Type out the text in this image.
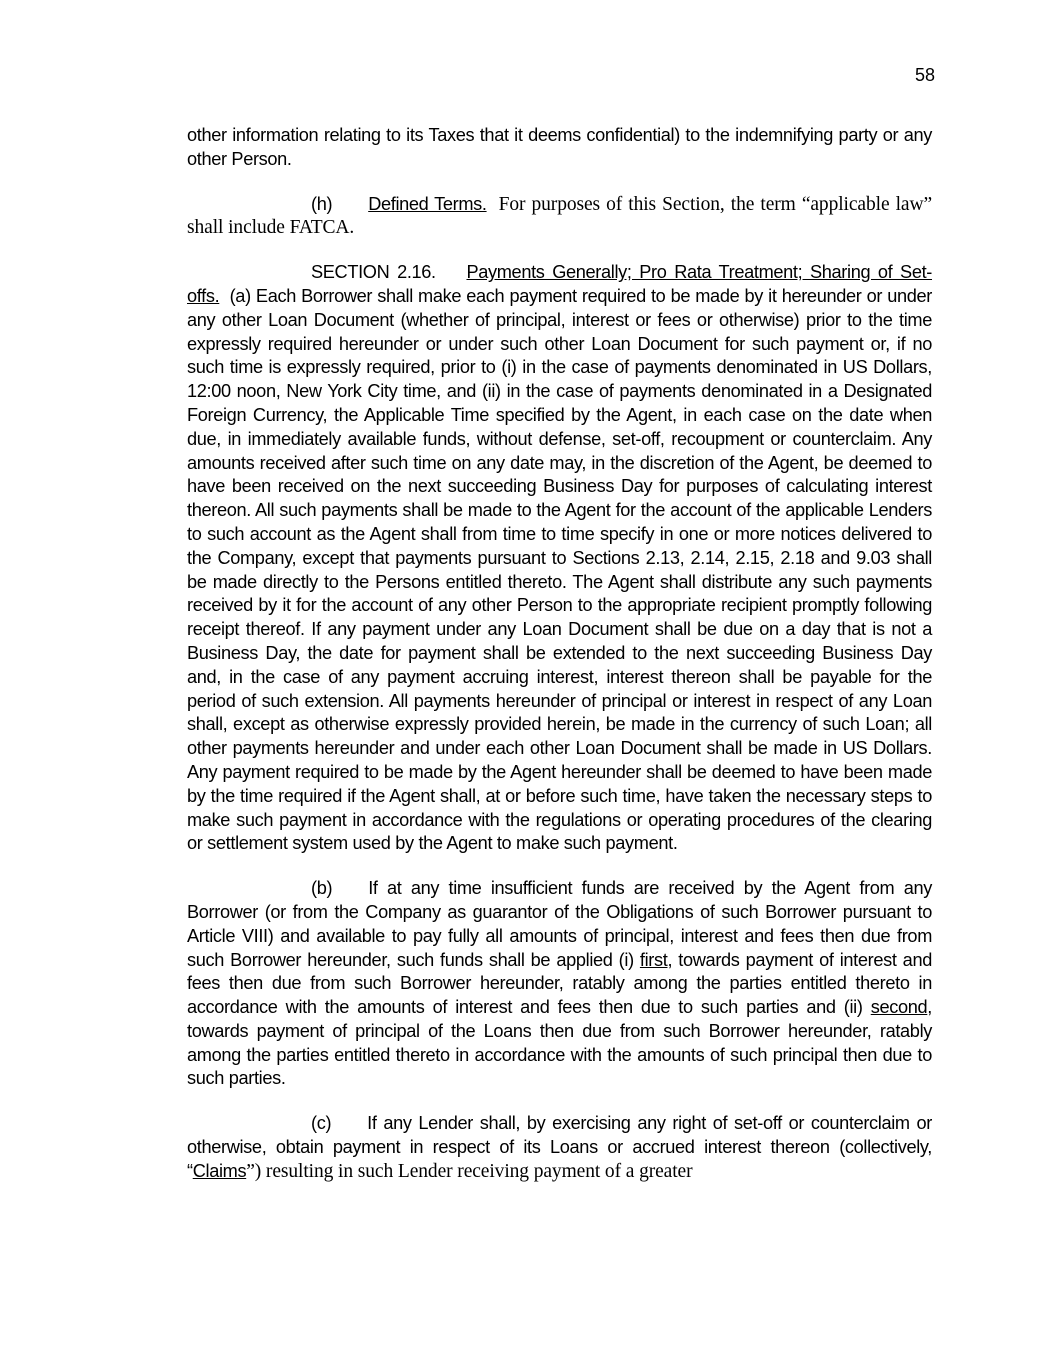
58

other information relating to its Taxes that it deems confidential) to the indemnifying party or any other Person.

(h) Defined Terms. For purposes of this Section, the term “applicable law” shall include FATCA.

SECTION 2.16. Payments Generally; Pro Rata Treatment; Sharing of Set-offs. (a) Each Borrower shall make each payment required to be made by it hereunder or under any other Loan Document (whether of principal, interest or fees or otherwise) prior to the time expressly required hereunder or under such other Loan Document for such payment or, if no such time is expressly required, prior to (i) in the case of payments denominated in US Dollars, 12:00 noon, New York City time, and (ii) in the case of payments denominated in a Designated Foreign Currency, the Applicable Time specified by the Agent, in each case on the date when due, in immediately available funds, without defense, set-off, recoupment or counterclaim. Any amounts received after such time on any date may, in the discretion of the Agent, be deemed to have been received on the next succeeding Business Day for purposes of calculating interest thereon. All such payments shall be made to the Agent for the account of the applicable Lenders to such account as the Agent shall from time to time specify in one or more notices delivered to the Company, except that payments pursuant to Sections 2.13, 2.14, 2.15, 2.18 and 9.03 shall be made directly to the Persons entitled thereto. The Agent shall distribute any such payments received by it for the account of any other Person to the appropriate recipient promptly following receipt thereof. If any payment under any Loan Document shall be due on a day that is not a Business Day, the date for payment shall be extended to the next succeeding Business Day and, in the case of any payment accruing interest, interest thereon shall be payable for the period of such extension. All payments hereunder of principal or interest in respect of any Loan shall, except as otherwise expressly provided herein, be made in the currency of such Loan; all other payments hereunder and under each other Loan Document shall be made in US Dollars. Any payment required to be made by the Agent hereunder shall be deemed to have been made by the time required if the Agent shall, at or before such time, have taken the necessary steps to make such payment in accordance with the regulations or operating procedures of the clearing or settlement system used by the Agent to make such payment.

(b) If at any time insufficient funds are received by the Agent from any Borrower (or from the Company as guarantor of the Obligations of such Borrower pursuant to Article VIII) and available to pay fully all amounts of principal, interest and fees then due from such Borrower hereunder, such funds shall be applied (i) first, towards payment of interest and fees then due from such Borrower hereunder, ratably among the parties entitled thereto in accordance with the amounts of interest and fees then due to such parties and (ii) second, towards payment of principal of the Loans then due from such Borrower hereunder, ratably among the parties entitled thereto in accordance with the amounts of such principal then due to such parties.

(c) If any Lender shall, by exercising any right of set-off or counterclaim or otherwise, obtain payment in respect of its Loans or accrued interest thereon (collectively, “Claims”) resulting in such Lender receiving payment of a greater
